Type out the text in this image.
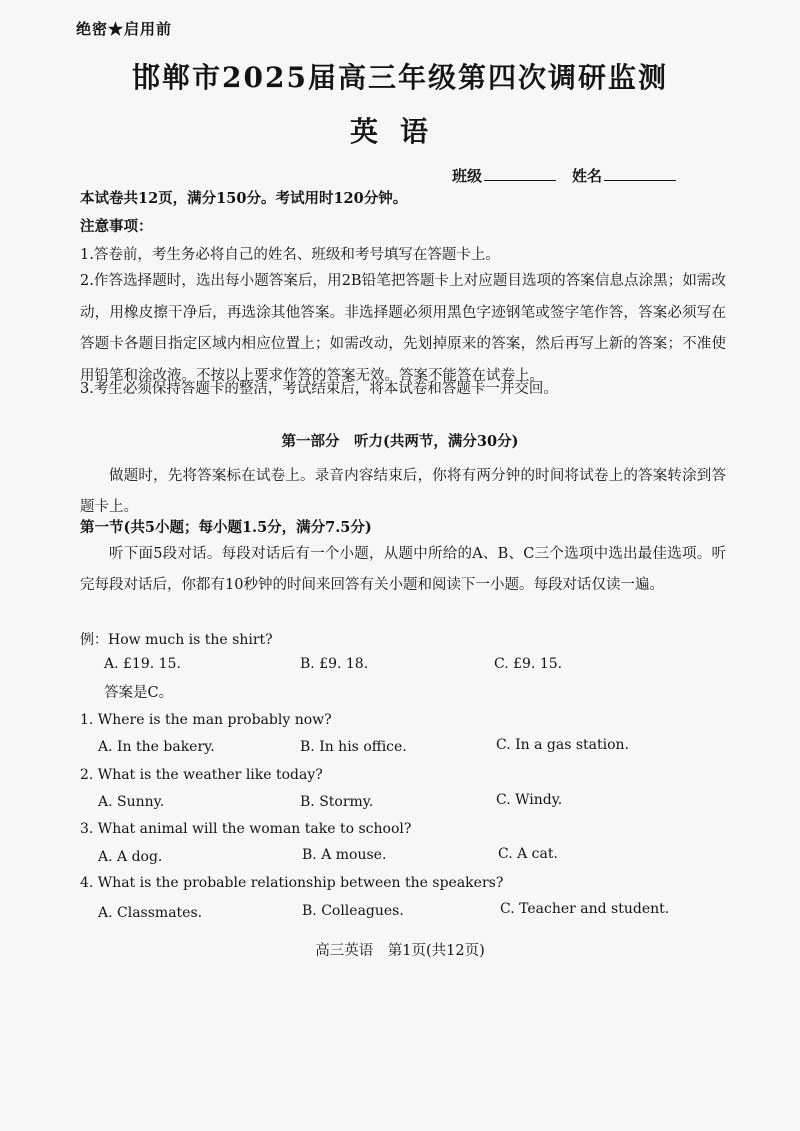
绝密★启用前
邯郸市2025届高三年级第四次调研监测
英语
班级	姓名
本试卷共12页，满分150分。考试用时120分钟。
注意事项：
1.答卷前，考生务必将自己的姓名、班级和考号填写在答题卡上。
2.作答选择题时，选出每小题答案后，用2B铅笔把答题卡上对应题目选项的答案信息点涂黑；如需改动，用橡皮擦干净后，再选涂其他答案。非选择题必须用黑色字迹钢笔或签字笔作答，答案必须写在答题卡各题目指定区域内相应位置上；如需改动，先划掉原来的答案，然后再写上新的答案；不准使用铅笔和涂改液。不按以上要求作答的答案无效。答案不能答在试卷上。
3.考生必须保持答题卡的整洁，考试结束后，将本试卷和答题卡一并交回。
第一部分　听力(共两节，满分30分)
做题时，先将答案标在试卷上。录音内容结束后，你将有两分钟的时间将试卷上的答案转涂到答题卡上。
第一节(共5小题；每小题1.5分，满分7.5分)
听下面5段对话。每段对话后有一个小题，从题中所给的A、B、C三个选项中选出最佳选项。听完每段对话后，你都有10秒钟的时间来回答有关小题和阅读下一小题。每段对话仅读一遍。
例：How much is the shirt?
A. £19. 15.	B. £9. 18.	C. £9. 15.
答案是C。
1. Where is the man probably now?
A. In the bakery.	B. In his office.	C. In a gas station.
2. What is the weather like today?
A. Sunny.	B. Stormy.	C. Windy.
3. What animal will the woman take to school?
A. A dog.	B. A mouse.	C. A cat.
4. What is the probable relationship between the speakers?
A. Classmates.	B. Colleagues.	C. Teacher and student.
高三英语　第1页(共12页)
